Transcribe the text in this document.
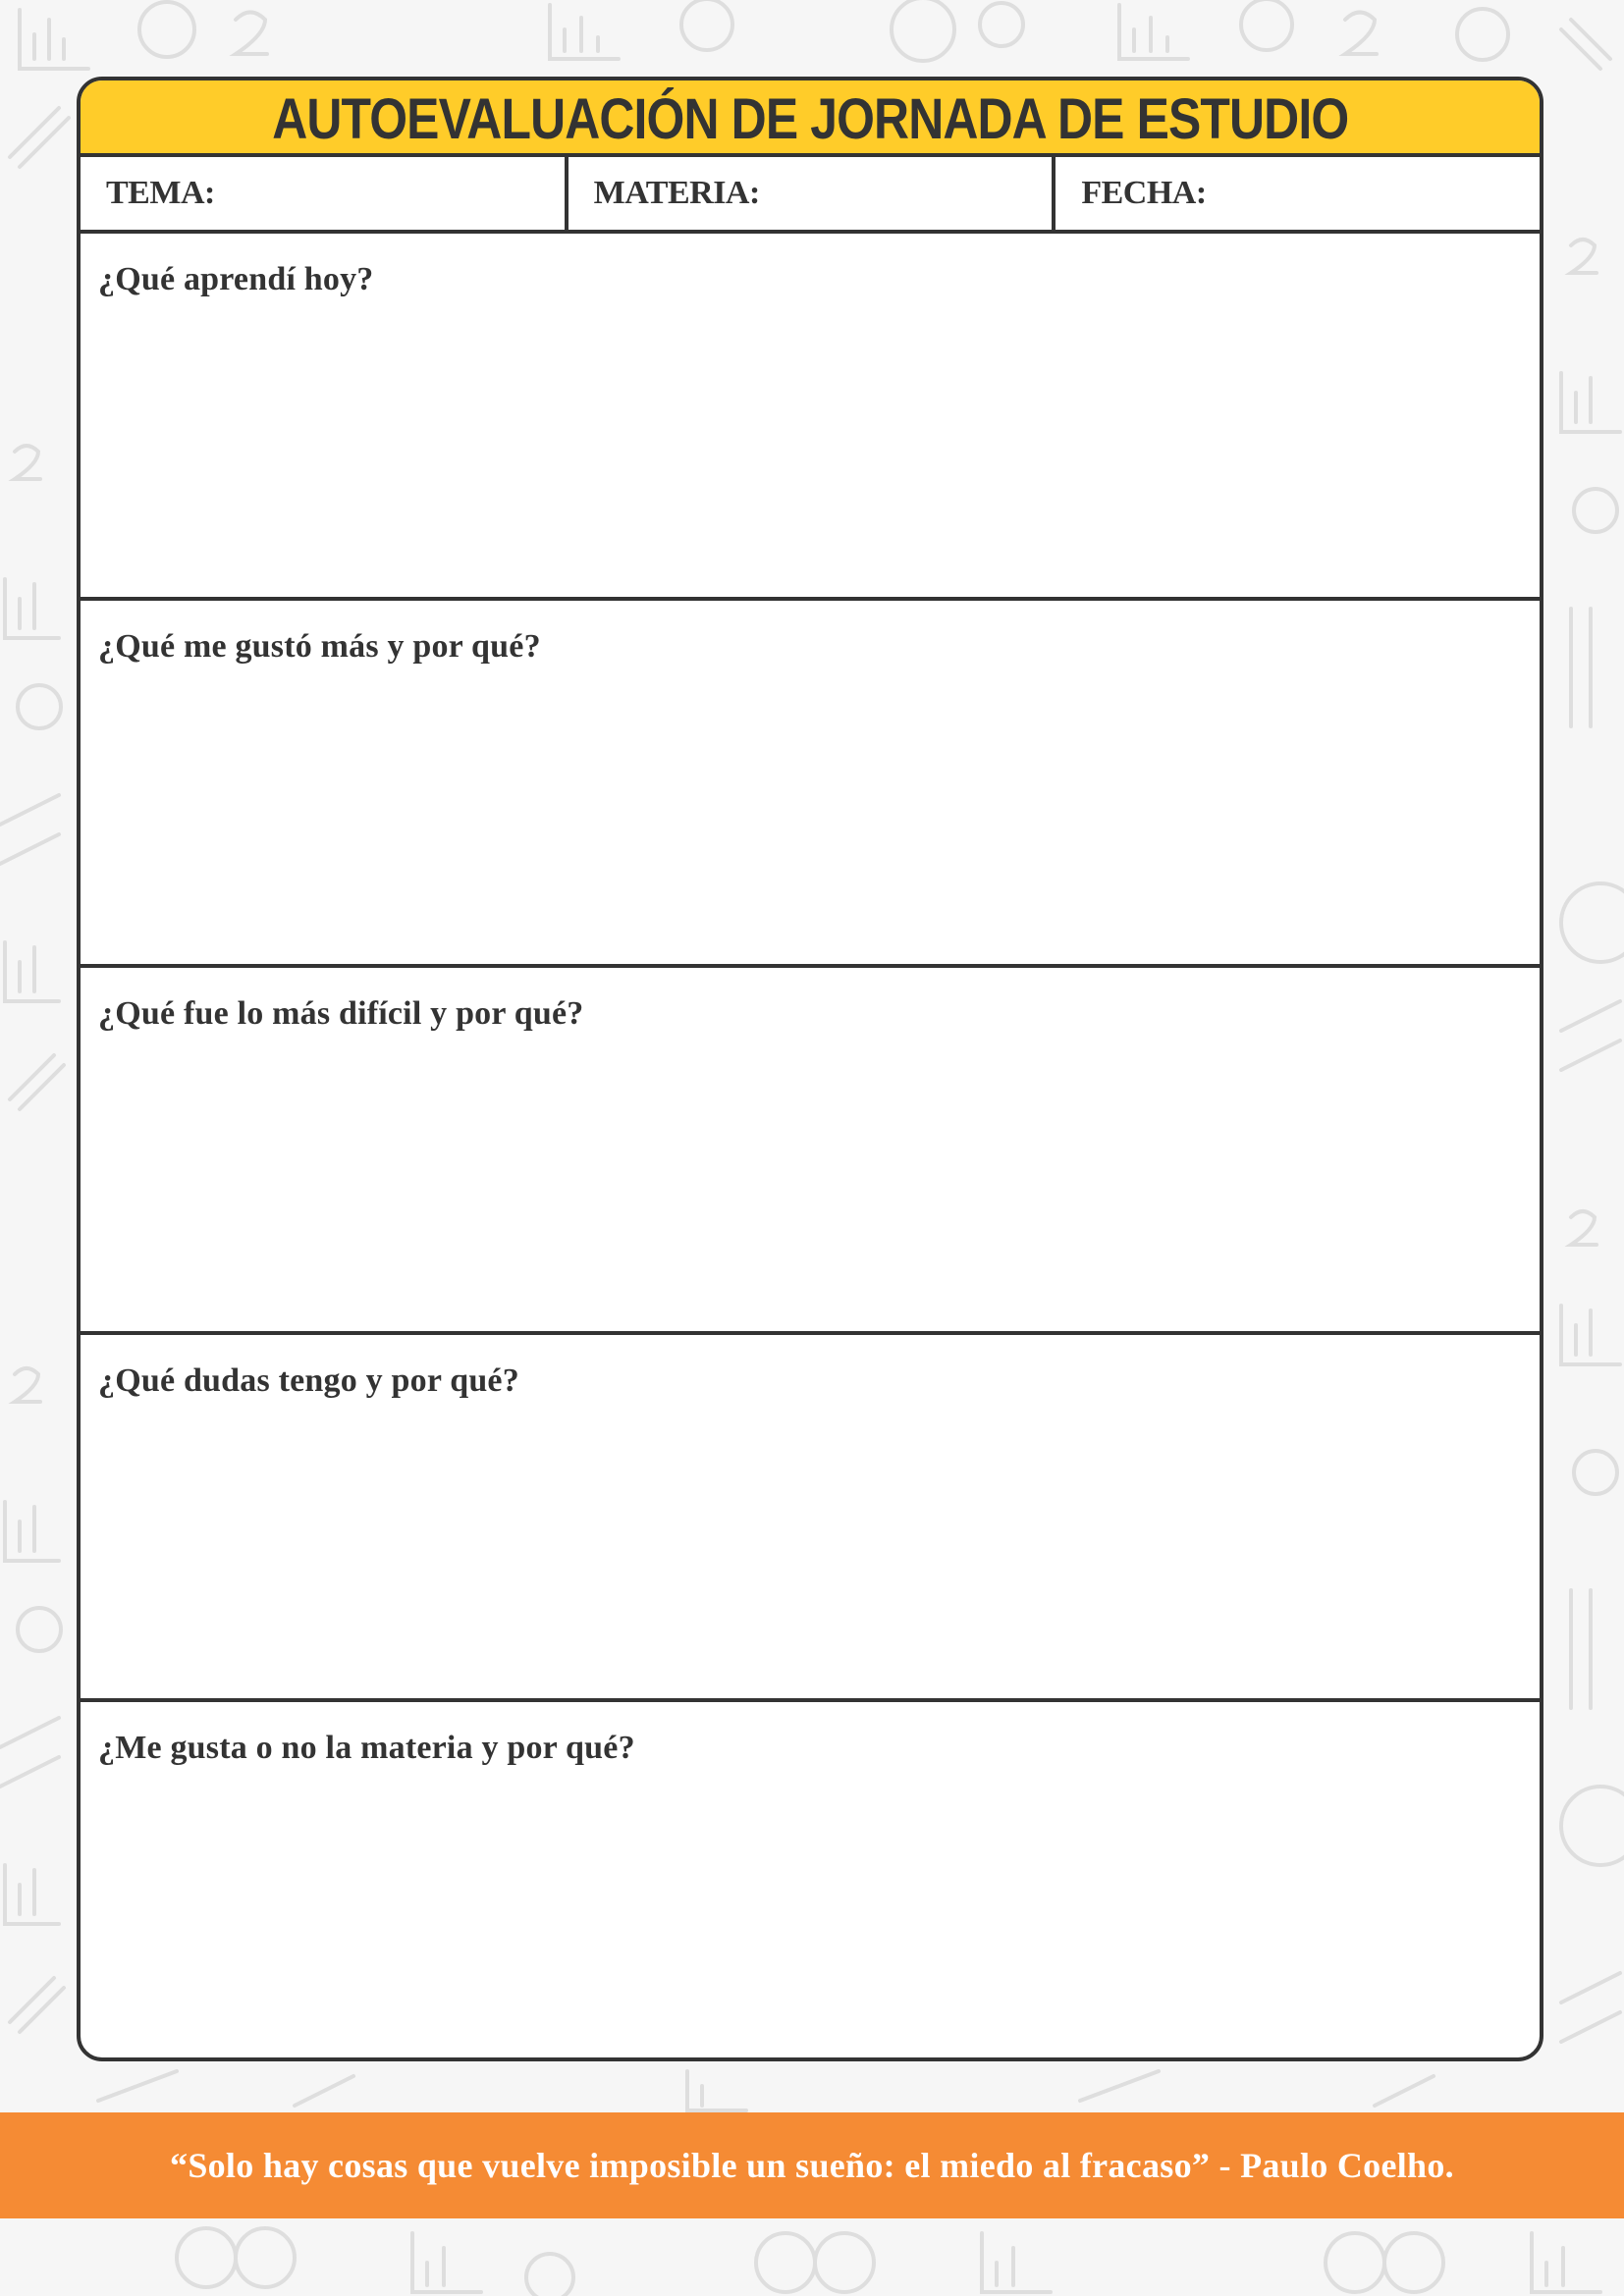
AUTOEVALUACIÓN DE JORNADA DE ESTUDIO
TEMA:	MATERIA:	FECHA:
¿Qué aprendí hoy?
¿Qué me gustó más y por qué?
¿Qué fue lo más difícil y por qué?
¿Qué dudas tengo y por qué?
¿Me gusta o no la materia y por qué?
“Solo hay cosas que vuelve imposible un sueño: el miedo al fracaso” - Paulo Coelho.
